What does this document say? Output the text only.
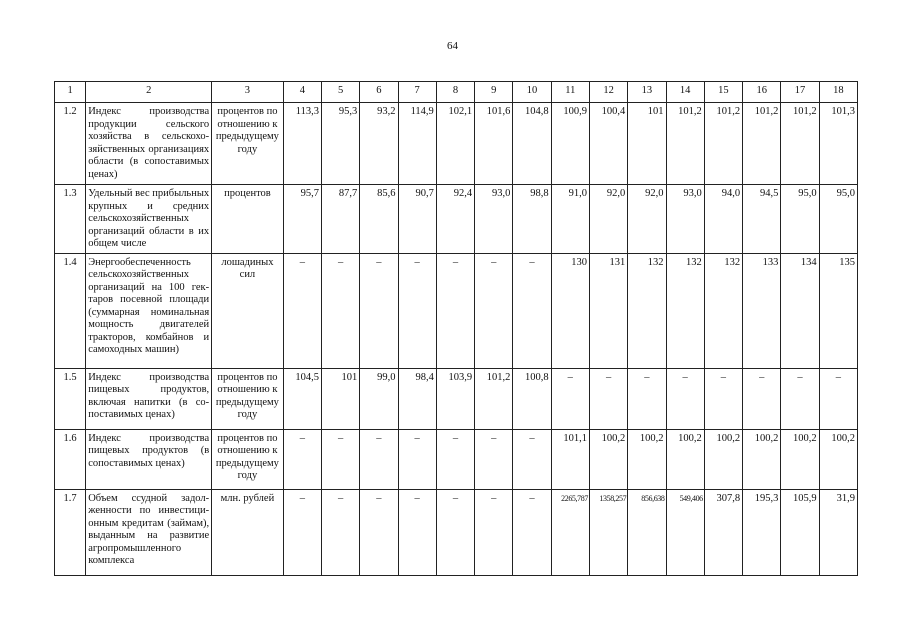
64
1	2	3	4	5	6	7	8	9	10	11	12	13	14	15	16	17	18
1.2	Индекс производства продукции сельского хозяйства в сельскохозяйственных организациях области (в сопоставимых ценах)	процентов по отношению к предыдущему году	113,3	95,3	93,2	114,9	102,1	101,6	104,8	100,9	100,4	101	101,2	101,2	101,2	101,2	101,3
1.3	Удельный вес прибыльных крупных и средних сельскохозяйственных организаций области в их общем числе	процентов	95,7	87,7	85,6	90,7	92,4	93,0	98,8	91,0	92,0	92,0	93,0	94,0	94,5	95,0	95,0
1.4	Энергообеспеченность сельскохозяйственных организаций на 100 гектаров посевной площади (суммарная номинальная мощность двигателей тракторов, комбайнов и самоходных машин)	лошадиных сил	–	–	–	–	–	–	–	130	131	132	132	132	133	134	135
1.5	Индекс производства пищевых продуктов, включая напитки (в сопоставимых ценах)	процентов по отношению к предыдущему году	104,5	101	99,0	98,4	103,9	101,2	100,8	–	–	–	–	–	–	–	–
1.6	Индекс производства пищевых продуктов (в сопоставимых ценах)	процентов по отношению к предыдущему году	–	–	–	–	–	–	–	101,1	100,2	100,2	100,2	100,2	100,2	100,2	100,2
1.7	Объем ссудной задолженности по инвестиционным кредитам (займам), выданным на развитие агропромышленного комплекса	млн. рублей	–	–	–	–	–	–	–	2265,787	1358,257	856,638	549,406	307,8	195,3	105,9	31,9
